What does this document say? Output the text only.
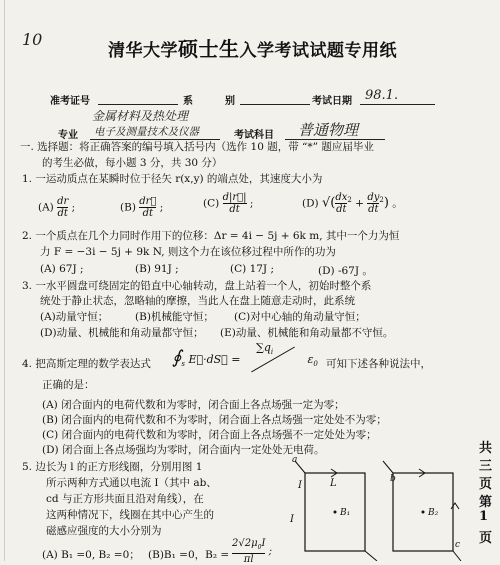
10
清华大学硕士生入学考试试题专用纸
准考证号	系	别	考试日期 98.1.
金属材料及热处理
专业 电子及测量技术及仪器	考试科目 普通物理
一. 选择题：将正确答案的编号填入括号内（选作 10 题，带 “*” 题应届毕业
的考生必做，每小题 3 分，共 30 分）
1. 一运动质点在某瞬时位于径矢 r(x,y) 的端点处，其速度大小为
$(A) \frac{dr}{dt}$ ;	$(B) \frac{dr⃗}{dt}$ ;	$(C) \frac{d|r⃗|}{dt}$ ;	(D) √( $\frac{dx}{dt} ^2 + \frac{dy}{dt} ^2$) 。
2. 一个质点在几个力同时作用下的位移：Δr = 4i − 5j + 6k m, 其中一个力为恒
力 F = −3i − 5j + 9k N, 则这个力在该位移过程中所作的功为
(A) 67J ;	(B) 91J ;	(C) 17J ;	(D) -67J 。
3. 一水平圆盘可绕固定的铅直中心轴转动，盘上站着一个人，初始时整个系
统处于静止状态，忽略轴的摩擦，当此人在盘上随意走动时，此系统
(A)动量守恒；	(B)机械能守恒； (C)对中心轴的角动量守恒；
(D)动量、机械能和角动量都守恒； (E)动量、机械能和角动量都不守恒。
4. 把高斯定理的数学表达式 $∮_s$ E⃗·dS⃗ =
$\sum q_i$
$\varepsilon_0$ 可知下述各种说法中，
正确的是：
(A) 闭合面内的电荷代数和为零时，闭合面上各点场强一定为零；
(B) 闭合面内的电荷代数和不为零时，闭合面上各点场强一定处处不为零；
(C) 闭合面内的电荷代数和为零时，闭合面上各点场强不一定处处为零；
(D) 闭合面上各点场强均为零时，闭合面内一定处处无电荷。
5. 边长为 l 的正方形线圈，分别用图 1
所示两种方式通以电流 I（其中 ab、
cd 与正方形共面且沿对角线），在
这两种情况下，线圈在其中心产生的
磁感应强度的大小分别为
(A) B₁ =0, B₂ =0； (B)B₁ =0，$B_2 = \frac{2√2\mu_0I}{\pi l}$ ;
a
b
c
I
I
L
B₁	B₂
共
三
页
第
1
页
